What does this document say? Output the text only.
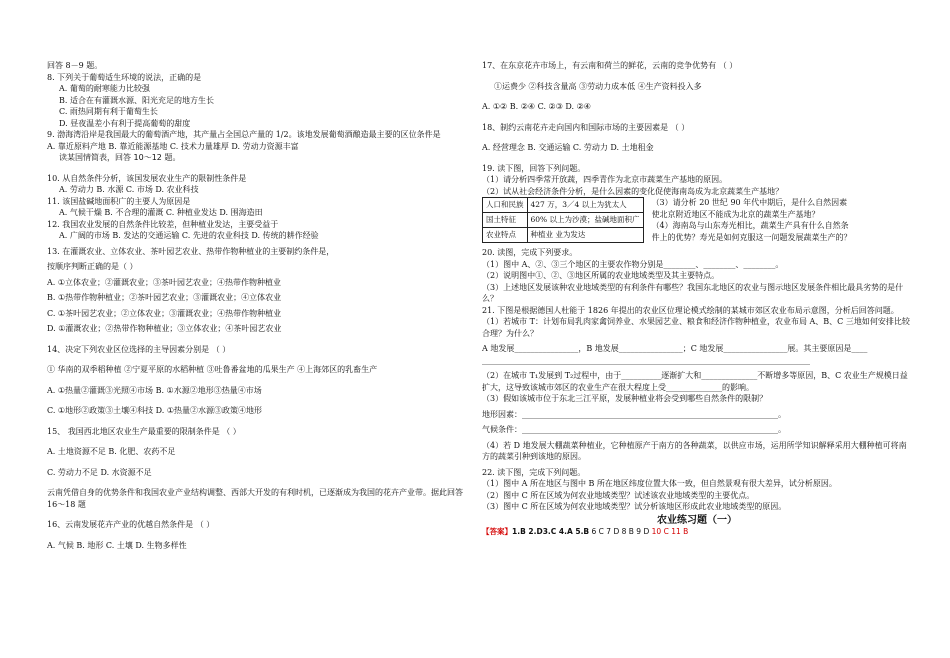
回答 8－9 题。
8. 下列关于葡萄适生环境的说法，正确的是
A. 葡萄的耐寒能力比较强
B. 适合在有灌溉水源、阳光充足的地方生长
C. 雨热同期有利于葡萄生长
D. 昼夜温差小有利于提高葡萄的甜度
9. 渤海湾沿岸是我国最大的葡萄酒产地，其产量占全国总产量的 1/2。该地发展葡萄酒酿造最主要的区位条件是
A. 靠近原料产地 B. 靠近能源基地 C. 技术力量雄厚 D. 劳动力资源丰富
读某国情简表，回答 10～12 题。
10. 从自然条件分析，该国发展农业生产的限制性条件是
A. 劳动力 B. 水源 C. 市场 D. 农业科技
11. 该国盐碱地面积广的主要人为原因是
A. 气候干燥 B. 不合理的灌溉 C. 种植业发达 D. 围海造田
12. 我国农业发展的自然条件比较差，但种植业发达，主要受益于
A. 广阔的市场 B. 发达的交通运输 C. 先进的农业科技 D. 传统的耕作经验
13. 在灌溉农业、立体农业、茶叶园艺农业、热带作物种植业的主要制约条件是，
按顺序判断正确的是（ ）
A. ①立体农业；②灌溉农业；③茶叶园艺农业；④热带作物种植业
B. ①热带作物种植业；②茶叶园艺农业；③灌溉农业；④立体农业
C. ①茶叶园艺农业；②立体农业；③灌溉农业；④热带作物种植业
D. ①灌溉农业；②热带作物种植业；③立体农业；④茶叶园艺农业
14、决定下列农业区位选择的主导因素分别是 （ ）
① 华南的双季稻种植 ②宁夏平原的水稻种植 ③吐鲁番盆地的瓜果生产 ④上海郊区的乳畜生产
A. ①热量②灌溉③光照④市场 B. ①水源②地形③热量④市场
C. ①地形②政策③土壤④科技 D. ①热量②水源③政策④地形
15、 我国西北地区农业生产最重要的限制条件是 （ ）
A. 土地资源不足 B. 化肥、农药不足
C. 劳动力不足 D. 水资源不足
云南凭借自身的优势条件和我国农业产业结构调整、西部大开发的有利时机，已逐渐成为我国的花卉产业带。据此回答 16～18 题
16、云南发展花卉产业的优越自然条件是 （ ）
A. 气候 B. 地形 C. 土壤 D. 生物多样性
17、在东京花卉市场上，有云南和荷兰的鲜花，云南的竞争优势有 （ ）
①运费少 ②科技含量高 ③劳动力成本低 ④生产资料投入多
A. ①② B. ②④ C. ②③ D. ②④
18、制约云南花卉走向国内和国际市场的主要因素是 （ ）
A. 经营理念 B. 交通运输 C. 劳动力 D. 土地租金
19. 读下图，回答下列问题。
（1）请分析四季常开放蔬，四季青作为北京市蔬菜生产基地的原因。
（2）试从社会经济条件分析，是什么因素的变化促使海南岛成为北京蔬菜生产基地？
人口和民族	427 万，3／4 以上为犹太人
国土特征	60% 以上为沙漠；盐碱地面积广
农业特点	种植业 业为发达
（3）请分析 20 世纪 90 年代中期后，是什么自然因素使北京附近地区不能成为北京的蔬菜生产基地？
（4）海南岛与山东寿光相比，蔬菜生产具有什么自然条件上的优势？寿光是如何克服这一问题发展蔬菜生产的？
20. 读图，完成下列要求。
（1）图中 A、②、③三个地区的主要农作物分别是________、________、________。
（2）说明图中①、②、③地区所属的农业地域类型及其主要特点。
（3）上述地区发展该种农业地域类型的有利条件有哪些？我国东北地区的农业与图示地区发展条件相比最具劣势的是什么？
21. 下图是根据德国人杜能于 1826 年提出的农业区位理论模式绘制的某城市郊区农业布局示意图，分析后回答问题。
（1）若城市 T：计划布局乳肉家禽饲养业、水果园艺业、粮食和经济作物种植业，农业布局 A、B、C 三地如何安排比较合理？为什么？
A 地发展________________，B 地发展________________；C 地发展________________展。其主要原因是____
__________________________________________________________________________________
（2）在城市 T₁发展到 T₂过程中，由于__________逐渐扩大和______________不断增多等原因，B、C 农业生产规模日益扩大，这导致该城市郊区的农业生产在很大程度上受______________的影响。
（3）假如该城市位于东北三江平原，发展种植业将会受到哪些自然条件的限制？
地形因素：________________________________________________________________。
气候条件：________________________________________________________________。
（4）若 D 地发展大棚蔬菜种植业，它种植原产于南方的各种蔬菜，以供应市场，运用所学知识解释采用大棚种植可将南方的蔬菜引种到该地的原因。
22. 读下图，完成下列问题。
（1）图中 A 所在地区与图中 B 所在地区纬度位置大体一致，但自然景观有很大差异，试分析原因。
（2）图中 C 所在区域为何农业地域类型？试述该农业地域类型的主要优点。
（3）图中 C 所在区域为何农业地域类型？试分析该地区形成此农业地域类型的原因。
农业练习题（一）
【答案】1.B 2.D3.C 4.A 5.B 6 C 7 D 8 B 9 D 10 C 11 B
